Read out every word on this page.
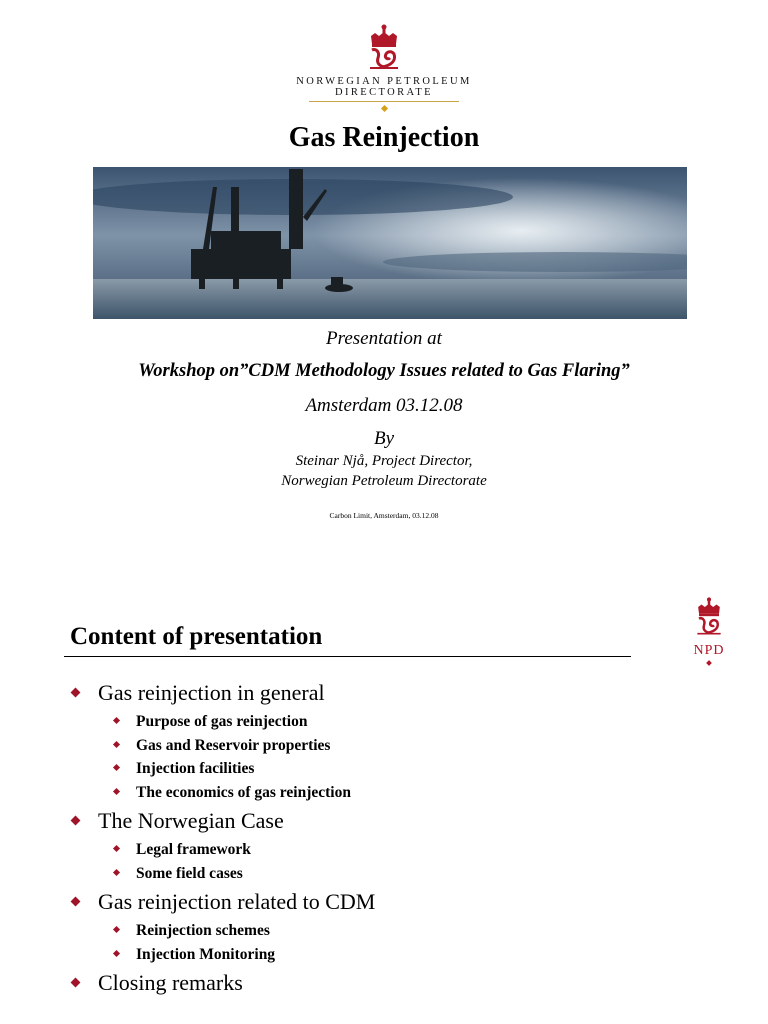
NORWEGIAN PETROLEUM
DIRECTORATE
Gas Reinjection
Presentation at
Workshop on”CDM Methodology Issues related to Gas Flaring”
Amsterdam 03.12.08
By
Steinar Njå, Project Director,
Norwegian Petroleum Directorate
Carbon Limit, Amsterdam, 03.12.08
Content of presentation
NPD
Gas reinjection in general
Purpose of gas reinjection
Gas and Reservoir properties
Injection facilities
The economics of gas reinjection
The Norwegian Case
Legal framework
Some field cases
Gas reinjection related to CDM
Reinjection schemes
Injection Monitoring
Closing remarks
